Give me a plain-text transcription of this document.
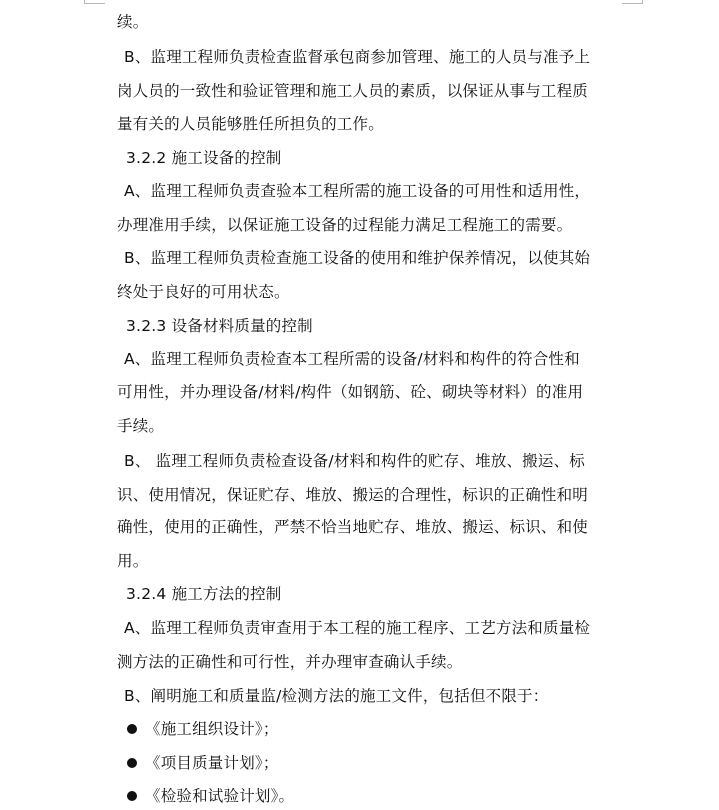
续。
B、监理工程师负责检查监督承包商参加管理、施工的人员与准予上
岗人员的一致性和验证管理和施工人员的素质，以保证从事与工程质
量有关的人员能够胜任所担负的工作。
3.2.2 施工设备的控制
A、监理工程师负责查验本工程所需的施工设备的可用性和适用性，
办理准用手续，以保证施工设备的过程能力满足工程施工的需要。
B、监理工程师负责检查施工设备的使用和维护保养情况，以使其始
终处于良好的可用状态。
3.2.3 设备材料质量的控制
A、监理工程师负责检查本工程所需的设备/材料和构件的符合性和
可用性，并办理设备/材料/构件（如钢筋、砼、砌块等材料）的准用
手续。
B、 监理工程师负责检查设备/材料和构件的贮存、堆放、搬运、标
识、使用情况，保证贮存、堆放、搬运的合理性，标识的正确性和明
确性，使用的正确性，严禁不恰当地贮存、堆放、搬运、标识、和使
用。
3.2.4 施工方法的控制
A、监理工程师负责审查用于本工程的施工程序、工艺方法和质量检
测方法的正确性和可行性，并办理审查确认手续。
B、阐明施工和质量监/检测方法的施工文件，包括但不限于：
《施工组织设计》；
《项目质量计划》；
《检验和试验计划》。
